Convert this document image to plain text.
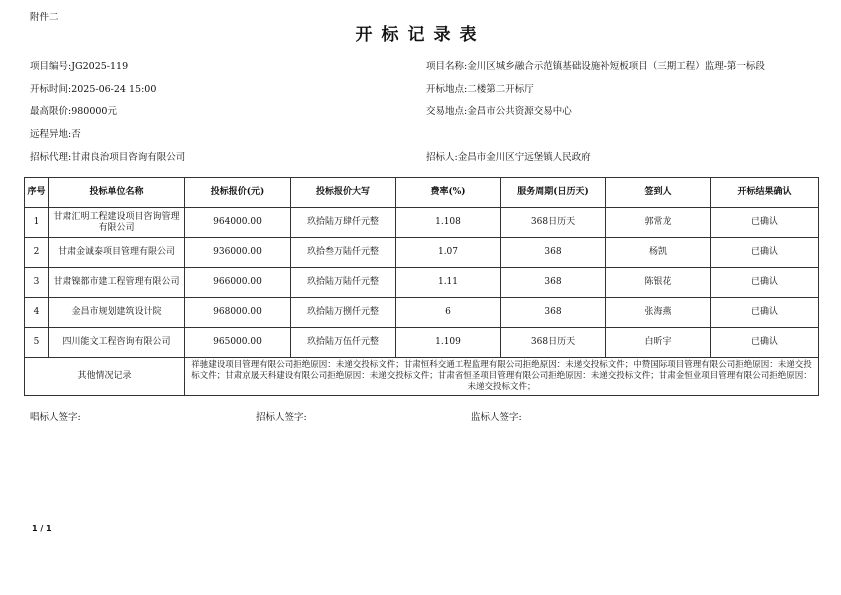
附件二
开标记录表
项目编号:JG2025-119	项目名称:金川区城乡融合示范镇基础设施补短板项目（三期工程）监理-第一标段
开标时间:2025-06-24 15:00	开标地点:二楼第二开标厅
最高限价:980000元	交易地点:金昌市公共资源交易中心
远程异地:否
招标代理:甘肃良治项目咨询有限公司	招标人:金昌市金川区宁远堡镇人民政府
序号	投标单位名称	投标报价(元)	投标报价大写	费率(%)	服务周期(日历天)	签到人	开标结果确认
1	甘肃汇明工程建设项目咨询管理有限公司	964000.00	玖拾陆万肆仟元整	1.108	368日历天	郭常龙	已确认
2	甘肃金诚泰项目管理有限公司	936000.00	玖拾叁万陆仟元整	1.07	368	杨凯	已确认
3	甘肃镍都市建工程管理有限公司	966000.00	玖拾陆万陆仟元整	1.11	368	陈银花	已确认
4	金昌市规划建筑设计院	968000.00	玖拾陆万捌仟元整	6	368	张海燕	已确认
5	四川能文工程咨询有限公司	965000.00	玖拾陆万伍仟元整	1.109	368日历天	白昕宇	已确认
其他情况记录		祥驰建设项目管理有限公司拒绝原因：未递交投标文件；甘肃恒科交通工程监理有限公司拒绝原因：未递交投标文件；中赞国际项目管理有限公司拒绝原因：未递交投标文件；甘肃京晟天科建设有限公司拒绝原因：未递交投标文件；甘肃省恒圣项目管理有限公司拒绝原因：未递交投标文件；甘肃金恒业项目管理有限公司拒绝原因：未递交投标文件；					
唱标人签字:	招标人签字:	监标人签字:
1 / 1
